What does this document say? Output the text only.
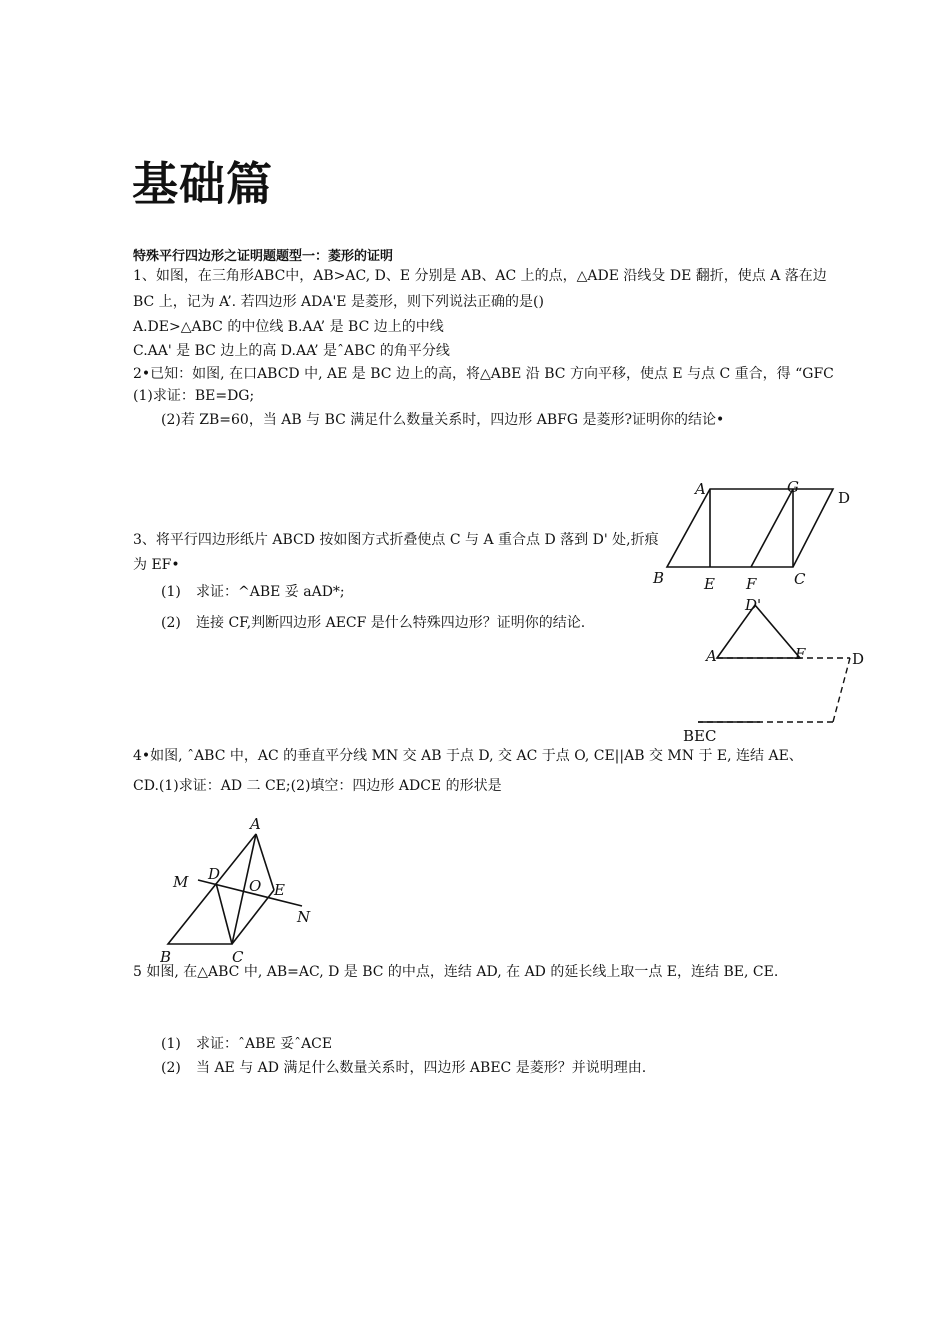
基础篇
特殊平行四边形之证明题题型一：菱形的证明
1、如图，在三角形ABC中，AB>AC, D、E 分别是 AB、AC 上的点，△ADE 沿线殳 DE 翻折，使点 A 落在边
BC 上，记为 A’. 若四边形 ADA'E 是菱形，则下列说法正确的是()
A.DE>△ABC 的中位线 B.AA’ 是 BC 边上的中线
C.AA' 是 BC 边上的高 D.AA’ 是ˆABC 的角平分线
2•已知：如图, 在口ABCD 中, AE 是 BC 边上的高，将△ABE 沿 BC 方向平移，使点 E 与点 C 重合，得 “GFC
(1)求证：BE=DG;
(2)若 ZB=60，当 AB 与 BC 满足什么数量关系时，四边形 ABFG 是菱形?证明你的结论•
A	G
D
B	E F	C
3、将平行四边形纸片 ABCD 按如图方式折叠使点 C 与 A 重合点 D 落到 D' 处,折痕
为 EF•
(1) 求证：^ABE 妥 aAD*;
(2) 连接 CF,判断四边形 AECF 是什么特殊四边形？证明你的结论.
D'
A	F	D
BEC
4•如图, ˆABC 中，AC 的垂直平分线 MN 交 AB 于点 D, 交 AC 于点 O, CE||AB 交 MN 于 E, 连结 AE、
CD.(1)求证：AD 二 CE;(2)填空：四边形 ADCE 的形状是
A
M D
O E
N
B	C
5 如图, 在△ABC 中, AB=AC, D 是 BC 的中点，连结 AD, 在 AD 的延长线上取一点 E，连结 BE, CE.
(1) 求证：ˆABE 妥ˆACE
(2) 当 AE 与 AD 满足什么数量关系时，四边形 ABEC 是菱形？并说明理由.
